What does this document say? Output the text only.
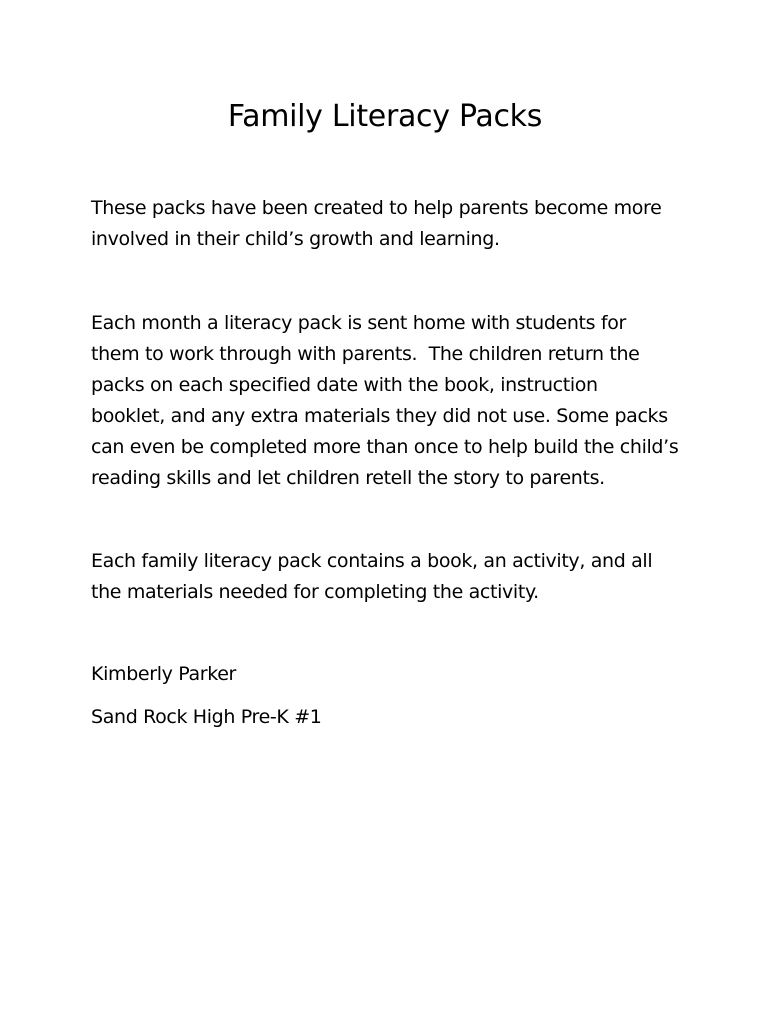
Family Literacy Packs

These packs have been created to help parents become more
involved in their child’s growth and learning.

Each month a literacy pack is sent home with students for
them to work through with parents.  The children return the
packs on each specified date with the book, instruction
booklet, and any extra materials they did not use. Some packs
can even be completed more than once to help build the child’s
reading skills and let children retell the story to parents.

Each family literacy pack contains a book, an activity, and all
the materials needed for completing the activity.

Kimberly Parker

Sand Rock High Pre-K #1
